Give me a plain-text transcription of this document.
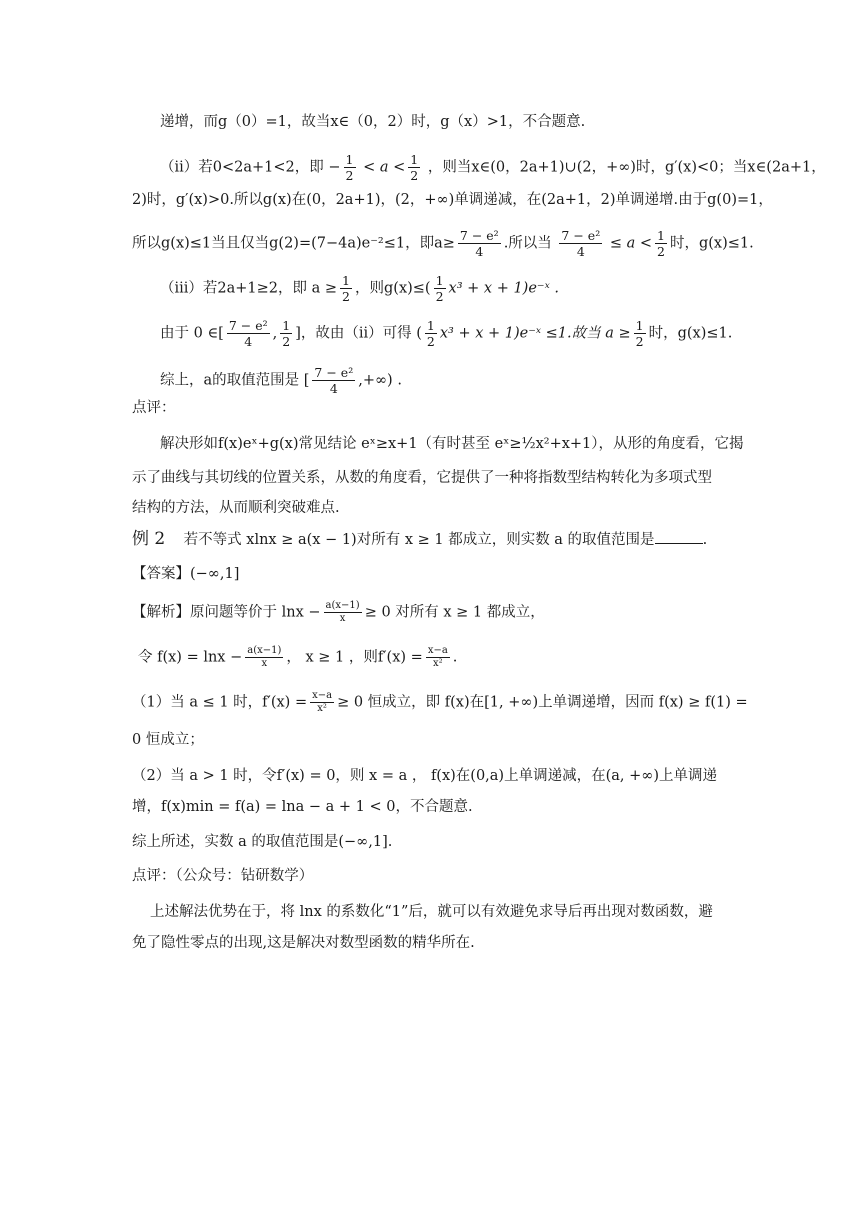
递增，而g（0）=1，故当x∈（0，2）时，g（x）>1，不合题意.
（ii）若0<2a+1<2，即 − $\frac{1}{2} < a < \frac{1}{2}$ ，则当x∈(0，2a+1)∪(2，+∞)时，g′(x)<0；当x∈(2a+1，
2)时，g′(x)>0.所以g(x)在(0，2a+1)，(2，+∞)单调递减，在(2a+1，2)单调递增.由于g(0)=1，
所以g(x)≤1当且仅当g(2)=(7−4a)e⁻²≤1，即$a\ge \frac{\text{7 − e²}}{4}$ .所以当 $\frac{\text{7 − e²}}{4} \le a < \frac{1}{2}$ 时，g(x)≤1.
（iii）若2a+1≥2，即 $a \ge \frac{1}{2}$ ，则$g(x)\le( \frac{1}{2} x^3 + x$ + 1)e⁻ˣ .
由于 0 ∈[ $\frac{\text{7 − e²}}{4}$ , $\frac{1}{2}$ ]，故由（ii）可得 ( $\frac{1}{2} x^3 + x$ + 1)e⁻ˣ ≤1.故当 $a \ge \frac{1}{2}$ 时，g(x)≤1.
综上，a的取值范围是 [ $\frac{\text{7 − e²}}{4}$ ,+∞) .
点评：
解决形如f(x)eˣ+g(x)常见结论 eˣ≥x+1（有时甚至 eˣ≥½x²+x+1），从形的角度看，它揭
示了曲线与其切线的位置关系，从数的角度看，它提供了一种将指数型结构转化为多项式型
结构的方法，从而顺利突破难点.
例 2 若不等式 xlnx ≥ a(x − 1)对所有 x ≥ 1 都成立，则实数 a 的取值范围是	.
【答案】(−∞,1]
【解析】原问题等价于 $\ln x - \frac{a(x-1)}{x} \ge 0$ 对所有 x ≥ 1 都成立，
令 $f(x) = \ln x - \frac{a(x-1)}{x}$ ， x ≥ 1 ，则$f'(x) = \frac{x-a}{\text{x²}}$ .
（1）当 a ≤ 1 时，$f'(x) = \frac{x-a}{\text{x²}} \ge 0$ 恒成立，即 f(x)在[1, +∞)上单调递增，因而 f(x) ≥ f(1) =
0 恒成立；
（2）当 a > 1 时，令f′(x) = 0，则 x = a ， f(x)在(0,a)上单调递减，在(a, +∞)上单调递
增，f(x)min = f(a) = lna − a + 1 < 0，不合题意.
综上所述，实数 a 的取值范围是(−∞,1].
点评：（公众号：钻研数学）
上述解法优势在于，将 lnx 的系数化“1”后，就可以有效避免求导后再出现对数函数，避
免了隐性零点的出现,这是解决对数型函数的精华所在.
